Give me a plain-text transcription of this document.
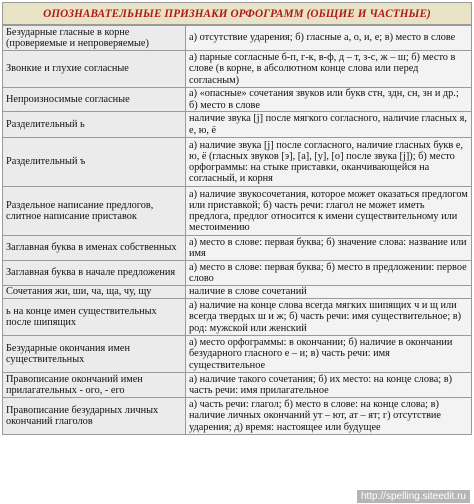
ОПОЗНАВАТЕЛЬНЫЕ ПРИЗНАКИ ОРФОГРАММ (ОБЩИЕ И ЧАСТНЫЕ)
Безударные гласные в корне (проверяемые и непроверяемые)	а) отсутствие ударения; б) гласные а, о, и, е; в) место в слове
Звонкие и глухие согласные	а) парные согласные б-п, г-к, в-ф, д – т, з-с, ж – ш; б) место в слове (в корне, в абсолютном конце слова или перед согласным)
Непроизносимые согласные	а) «опасные» сочетания звуков или букв стн, здн, сн, зн и др.; б) место в слове
Разделительный ь	наличие звука [j] после мягкого согласного, наличие гласных я, е, ю, ё
Разделительный ъ	а) наличие звука [j] после согласного, наличие гласных букв е, ю, ё (гласных звуков [э], [а], [у], [о] после звука [j]); б) место орфограммы: на стыке приставки, оканчивающейся на согласный, и корня
Раздельное написание предлогов, слитное написание приставок	а) наличие звукосочетания, которое может оказаться предлогом или приставкой; б) часть речи: глагол не может иметь предлога, предлог относится к имени существительному или местоимению
Заглавная буква в именах собственных	а) место в слове: первая буква; б) значение слова: название или имя
Заглавная буква в начале предложения	а) место в слове: первая буква; б) место в предложении: первое слово
Сочетания жи, ши, ча, ща, чу, щу	наличие в слове сочетаний
ь на конце имен существительных после шипящих	а) наличие на конце слова всегда мягких шипящих ч и щ или всегда твердых ш и ж; б) часть речи: имя существительное; в) род: мужской или женский
Безударные окончания имен существительных	а) место орфограммы: в окончании; б) наличие в окончании безударного гласного е – и; в) часть речи: имя существительное
Правописание окончаний имен прилагательных - ого, - его	а) наличие такого сочетания; б) их место: на конце слова; в) часть речи: имя прилагательное
Правописание безударных личных окончаний глаголов	а) часть речи: глагол; б) место в слове: на конце слова; в) наличие личных окончаний ут – ют, ат – ят; г) отсутствие ударения; д) время: настоящее или будущее
http://spelling.siteedit.ru
